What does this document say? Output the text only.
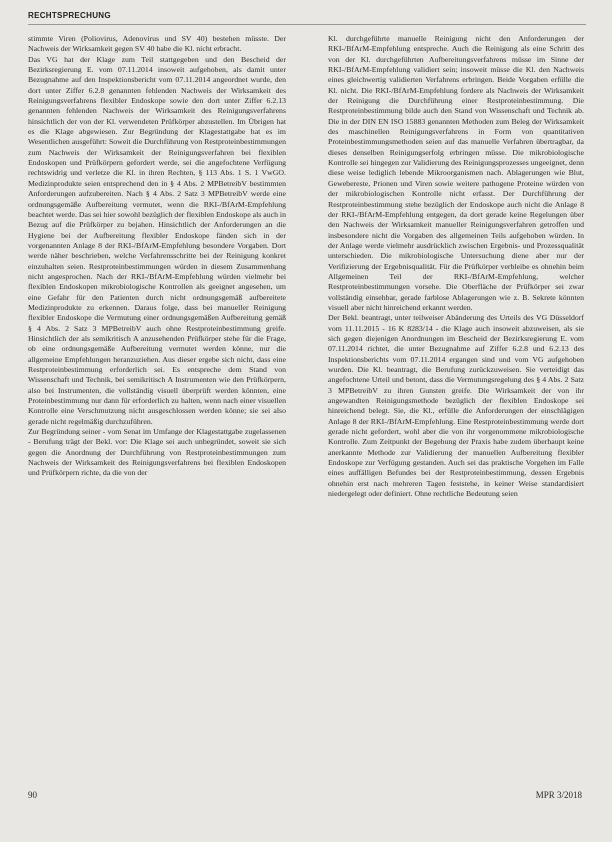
RECHTSPRECHUNG

stimmte Viren (Poliovirus, Adenovirus und SV 40) bestehen müsste. Der Nachweis der Wirksamkeit gegen SV 40 habe die Kl. nicht erbracht.

Das VG hat der Klage zum Teil stattgegeben und den Bescheid der Bezirksregierung E. vom 07.11.2014 insoweit aufgehoben, als damit unter Bezugnahme auf den Inspektionsbericht vom 07.11.2014 angeordnet wurde, den dort unter Ziffer 6.2.8 genannten fehlenden Nachweis der Wirksamkeit des Reinigungsverfahrens flexibler Endoskope sowie den dort unter Ziffer 6.2.13 genannten fehlenden Nachweis der Wirksamkeit des Reinigungsverfahrens hinsichtlich der von der Kl. verwendeten Prüfkörper abzustellen. Im Übrigen hat es die Klage abgewiesen. Zur Begründung der Klagestattgabe hat es im Wesentlichen ausgeführt: Soweit die Durchführung von Restproteinbestimmungen zum Nachweis der Wirksamkeit der Reinigungsverfahren bei flexiblen Endoskopen und Prüfkörpern gefordert werde, sei die angefochtene Verfügung rechtswidrig und verletze die Kl. in ihren Rechten, § 113 Abs. 1 S. 1 VwGO. Medizinprodukte seien entsprechend den in § 4 Abs. 2 MPBetreibV bestimmten Anforderungen aufzubereiten. Nach § 4 Abs. 2 Satz 3 MPBetreibV werde eine ordnungsgemäße Aufbereitung vermutet, wenn die RKI-/BfArM-Empfehlung beachtet werde. Das sei hier sowohl bezüglich der flexiblen Endoskope als auch in Bezug auf die Prüfkörper zu bejahen. Hinsichtlich der Anforderungen an die Hygiene bei der Aufbereitung flexibler Endoskope fänden sich in der vorgenannten Anlage 8 der RKI-/BfArM-Empfehlung besondere Vorgaben. Dort werde näher beschrieben, welche Verfahrensschritte bei der Reinigung konkret einzuhalten seien. Restproteinbestimmungen würden in diesem Zusammenhang nicht angesprochen. Nach der RKI-/BfArM-Empfehlung würden vielmehr bei flexiblen Endoskopen mikrobiologische Kontrollen als geeignet angesehen, um eine Gefahr für den Patienten durch nicht ordnungsgemäß aufbereitete Medizinprodukte zu erkennen. Daraus folge, dass bei manueller Reinigung flexibler Endoskope die Vermutung einer ordnungsgemäßen Aufbereitung gemäß § 4 Abs. 2 Satz 3 MPBetreibV auch ohne Restproteinbestimmung greife. Hinsichtlich der als semikritisch A anzusehenden Prüfkörper stehe für die Frage, ob eine ordnungsgemäße Aufbereitung vermutet werden könne, nur die allgemeine Empfehlungen heranzuziehen. Aus dieser ergebe sich nicht, dass eine Restproteinbestimmung erforderlich sei. Es entspreche dem Stand von Wissenschaft und Technik, bei semikritisch A Instrumenten wie den Prüfkörpern, also bei Instrumenten, die vollständig visuell überprüft werden könnten, eine Proteinbestimmung nur dann für erforderlich zu halten, wenn nach einer visuellen Kontrolle eine Verschmutzung nicht ausgeschlossen werden könne; sie sei also gerade nicht regelmäßig durchzuführen.

Zur Begründung seiner - vom Senat im Umfange der Klagestattgabe zugelassenen - Berufung trägt der Bekl. vor: Die Klage sei auch unbegründet, soweit sie sich gegen die Anordnung der Durchführung von Restproteinbestimmungen zum Nachweis der Wirksamkeit des Reinigungsverfahrens bei flexiblen Endoskopen und Prüfkörpern richte, da die von der

Kl. durchgeführte manuelle Reinigung nicht den Anforderungen der RKI-/BfArM-Empfehlung entspreche. Auch die Reinigung als eine Schritt des von der Kl. durchgeführten Aufbereitungsverfahrens müsse im Sinne der RKI-/BfArM-Empfehlung validiert sein; insoweit müsse die Kl. den Nachweis eines gleichwertig validierten Verfahrens erbringen. Beide Vorgaben erfülle die Kl. nicht. Die RKI-/BfArM-Empfehlung fordere als Nachweis der Wirksamkeit der Reinigung die Durchführung einer Restproteinbestimmung. Die Restproteinbestimmung bilde auch den Stand von Wissenschaft und Technik ab. Die in der DIN EN ISO 15883 genannten Methoden zum Beleg der Wirksamkeit des maschinellen Reinigungsverfahrens in Form von quantitativen Proteinbestimmungsmethoden seien auf das manuelle Verfahren übertragbar, da dieses denselben Reinigungserfolg erbringen müsse. Die mikrobiologische Kontrolle sei hingegen zur Validierung des Reinigungsprozesses ungeeignet, denn diese weise lediglich lebende Mikroorganismen nach. Ablagerungen wie Blut, Gewebereste, Prionen und Viren sowie weitere pathogene Proteine würden von der mikrobiologischen Kontrolle nicht erfasst. Der Durchführung der Restproteinbestimmung stehe bezüglich der Endoskope auch nicht die Anlage 8 der RKI-/BfArM-Empfehlung entgegen, da dort gerade keine Regelungen über den Nachweis der Wirksamkeit manueller Reinigungsverfahren getroffen und insbesondere nicht die Vorgaben des allgemeinen Teils aufgehoben würden. In der Anlage werde vielmehr ausdrücklich zwischen Ergebnis- und Prozessqualität unterschieden. Die mikrobiologische Untersuchung diene aber nur der Verifizierung der Ergebnisqualität. Für die Prüfkörper verbleibe es ohnehin beim Allgemeinen Teil der RKI-/BfArM-Empfehlung, welcher Restproteinbestimmungen vorsehe. Die Oberfläche der Prüfkörper sei zwar vollständig einsehbar, gerade farblose Ablagerungen wie z. B. Sekrete könnten visuell aber nicht hinreichend erkannt werden.

Der Bekl. beantragt, unter teilweiser Abänderung des Urteils des VG Düsseldorf vom 11.11.2015 - 16 K 8283/14 - die Klage auch insoweit abzuweisen, als sie sich gegen diejenigen Anordnungen im Bescheid der Bezirksregierung E. vom 07.11.2014 richtet, die unter Bezugnahme auf Ziffer 6.2.8 und 6.2.13 des Inspektionsberichts vom 07.11.2014 ergangen sind und vom VG aufgehoben wurden. Die Kl. beantragt, die Berufung zurückzuweisen. Sie verteidigt das angefochtene Urteil und betont, dass die Vermutungsregelung des § 4 Abs. 2 Satz 3 MPBetreibV zu ihren Gunsten greife. Die Wirksamkeit der von ihr angewandten Reinigungsmethode bezüglich der flexiblen Endoskope sei hinreichend belegt. Sie, die Kl., erfülle die Anforderungen der einschlägigen Anlage 8 der RKI-/BfArM-Empfehlung. Eine Restproteinbestimmung werde dort gerade nicht gefordert, wohl aber die von ihr vorgenommene mikrobiologische Kontrolle. Zum Zeitpunkt der Begehung der Praxis habe zudem überhaupt keine anerkannte Methode zur Validierung der manuellen Aufbereitung flexibler Endoskope zur Verfügung gestanden. Auch sei das praktische Vorgehen im Falle eines auffälligen Befundes bei der Restproteinbestimmung, dessen Ergebnis ohnehin erst nach mehreren Tagen feststehe, in keiner Weise standardisiert niedergelegt oder definiert. Ohne rechtliche Bedeutung seien

90	MPR 3/2018
